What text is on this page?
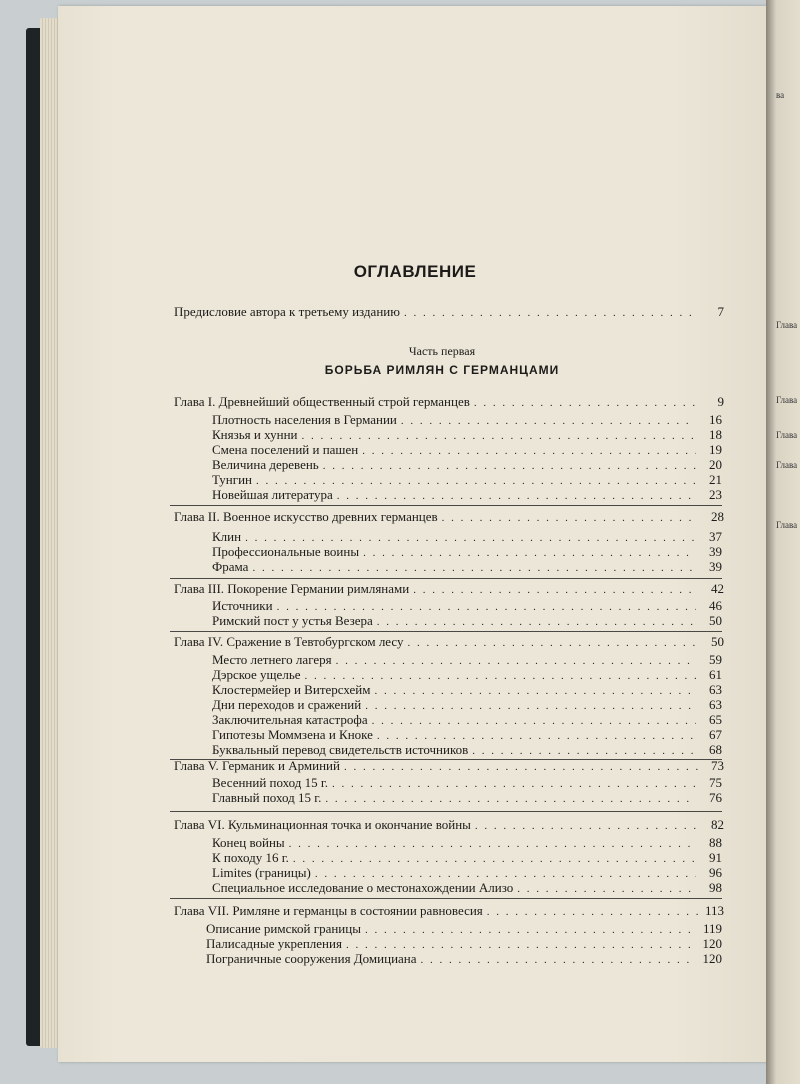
ва
Глава
Глава
Глава
Глава
Глава
ОГЛАВЛЕНИЕ
Предисловие автора к третьему изданию . . .	7
Часть первая
БОРЬБА РИМЛЯН С ГЕРМАНЦАМИ
Глава I. Древнейший общественный строй германцев . . .	9
Плотность населения в Германии . . .	16
Князья и хунни . . .	18
Смена поселений и пашен . . .	19
Величина деревень . . .	20
Тунгин . . .	21
Новейшая литература . . .	23
Глава II. Военное искусство древних германцев . . .	28
Клин . . .	37
Профессиональные воины . . .	39
Фрама . . .	39
Глава III. Покорение Германии римлянами . . .	42
Источники . . .	46
Римский пост у устья Везера . . .	50
Глава IV. Сражение в Тевтобургском лесу . . .	50
Место летнего лагеря . . .	59
Дэрское ущелье . . .	61
Клостермейер и Витерсхейм . . .	63
Дни переходов и сражений . . .	63
Заключительная катастрофа . . .	65
Гипотезы Моммзена и Кноке . . .	67
Буквальный перевод свидетельств источников . . .	68
Глава V. Германик и Арминий . . .	73
Весенний поход 15 г. . . .	75
Главный поход 15 г. . . .	76
Глава VI. Кульминационная точка и окончание войны . . .	82
Конец войны . . .	88
К походу 16 г. . . .	91
Limites (границы) . . .	96
Специальное исследование о местонахождении Ализо . . .	98
Глава VII. Римляне и германцы в состоянии равновесия . . .	113
Описание римской границы . . .	119
Палисадные укрепления . . .	120
Пограничные сооружения Домициана . . .	120
